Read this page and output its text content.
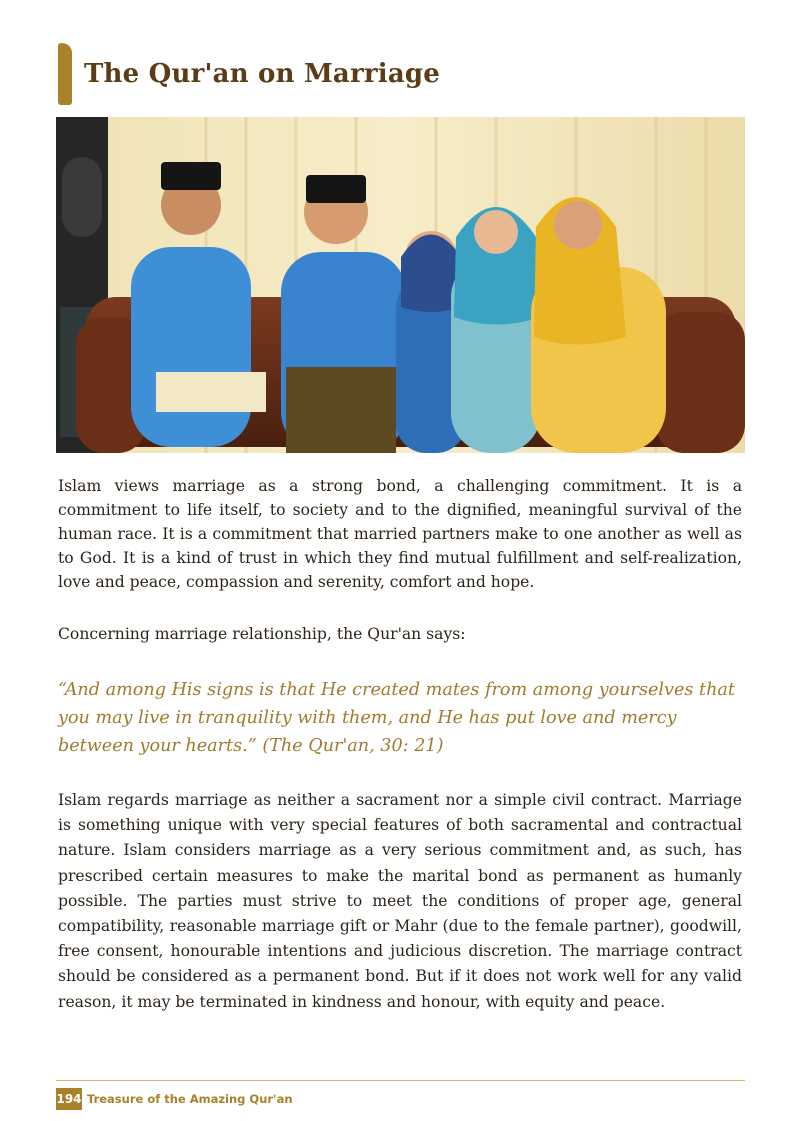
The Qur'an on Marriage
Islam views marriage as a strong bond, a challenging commitment. It is a commitment to life itself, to society and to the dignified, meaningful survival of the human race. It is a commitment that married partners make to one another as well as to God. It is a kind of trust in which they find mutual fulfillment and self-realization, love and peace, compassion and serenity, comfort and hope.
Concerning marriage relationship, the Qur'an says:
“And among His signs is that He created mates from among yourselves that you may live in tranquility with them, and He has put love and mercy between your hearts.” (The Qur'an, 30: 21)
Islam regards marriage as neither a sacrament nor a simple civil contract. Marriage is something unique with very special features of both sacramental and contractual nature. Islam considers marriage as a very serious commitment and, as such, has prescribed certain measures to make the marital bond as permanent as humanly possible. The parties must strive to meet the conditions of proper age, general compatibility, reasonable marriage gift or Mahr (due to the female partner), goodwill, free consent, honourable intentions and judicious discretion. The marriage contract should be considered as a permanent bond. But if it does not work well for any valid reason, it may be terminated in kindness and honour, with equity and peace.
194 Treasure of the Amazing Qur'an
